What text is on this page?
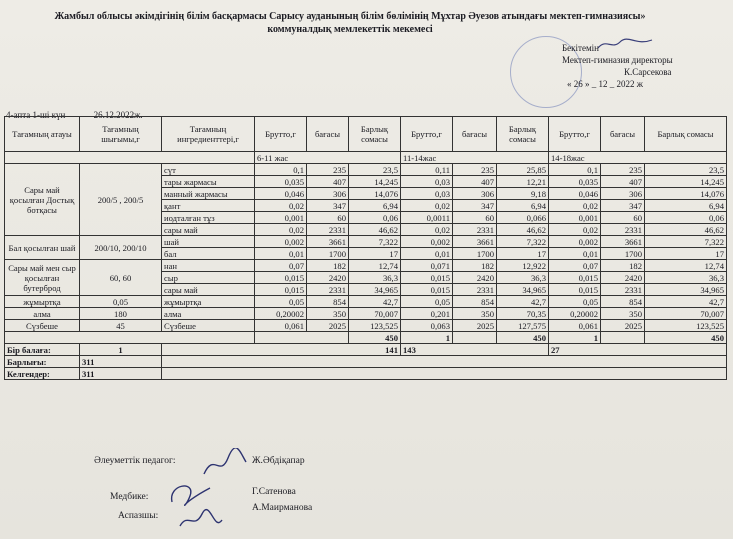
Жамбыл облысы әкімдігінің білім басқармасы Сарысу ауданының білім бөлімінің Мұхтар Әуезов атындағы мектеп-гимназиясы»
коммуналдық мемлекеттік мекемесі
Бекітемін
Мектеп-гимназия директоры
К.Сарсекова
« 26 » _ 12 _ 2022 ж
4-апта 1-ші күн	26.12.2022ж.
Тағамның атауы	Тағамның шығымы,г	Тағамның ингредиенттері,г	Брутто,г	бағасы	Барлық сомасы	Брутто,г	бағасы	Барлық сомасы	Брутто,г	бағасы	Барлық сомасы
			6-11 жас			11-14жас			14-18жас		
Сары май қосылған Достық ботқасы	200/5 , 200/5	сүт	0,1	235	23,5	0,11	235	25,85	0,1	235	23,5
		тары жармасы	0,035	407	14,245	0,03	407	12,21	0,035	407	14,245
		манный жармасы	0,046	306	14,076	0,03	306	9,18	0,046	306	14,076
		қант	0,02	347	6,94	0,02	347	6,94	0,02	347	6,94
		иодталған тұз	0,001	60	0,06	0,0011	60	0,066	0,001	60	0,06
		сары май	0,02	2331	46,62	0,02	2331	46,62	0,02	2331	46,62
Бал қосылған шай	200/10, 200/10	шай	0,002	3661	7,322	0,002	3661	7,322	0,002	3661	7,322
		бал	0,01	1700	17	0,01	1700	17	0,01	1700	17
Сары май мен сыр қосылған бутерброд	60, 60	нан	0,07	182	12,74	0,071	182	12,922	0,07	182	12,74
		сыр	0,015	2420	36,3	0,015	2420	36,3	0,015	2420	36,3
		сары май	0,015	2331	34,965	0,015	2331	34,965	0,015	2331	34,965
жұмыртқа	0,05	жұмыртқа	0,05	854	42,7	0,05	854	42,7	0,05	854	42,7
алма	180	алма	0,20002	350	70,007	0,201	350	70,35	0,20002	350	70,007
Сүзбеше	45	Сүзбеше	0,061	2025	123,525	0,063	2025	127,575	0,061	2025	123,525
					450	1		450	1		450
Бір балаға:	1	141				143			27		
Барлығы:	311										
Келгендер:	311										
Әлеуметтік педагог:	Ж.Әбдіқапар
Медбике:	Г.Сатенова
Аспазшы:
А.Маирманова
